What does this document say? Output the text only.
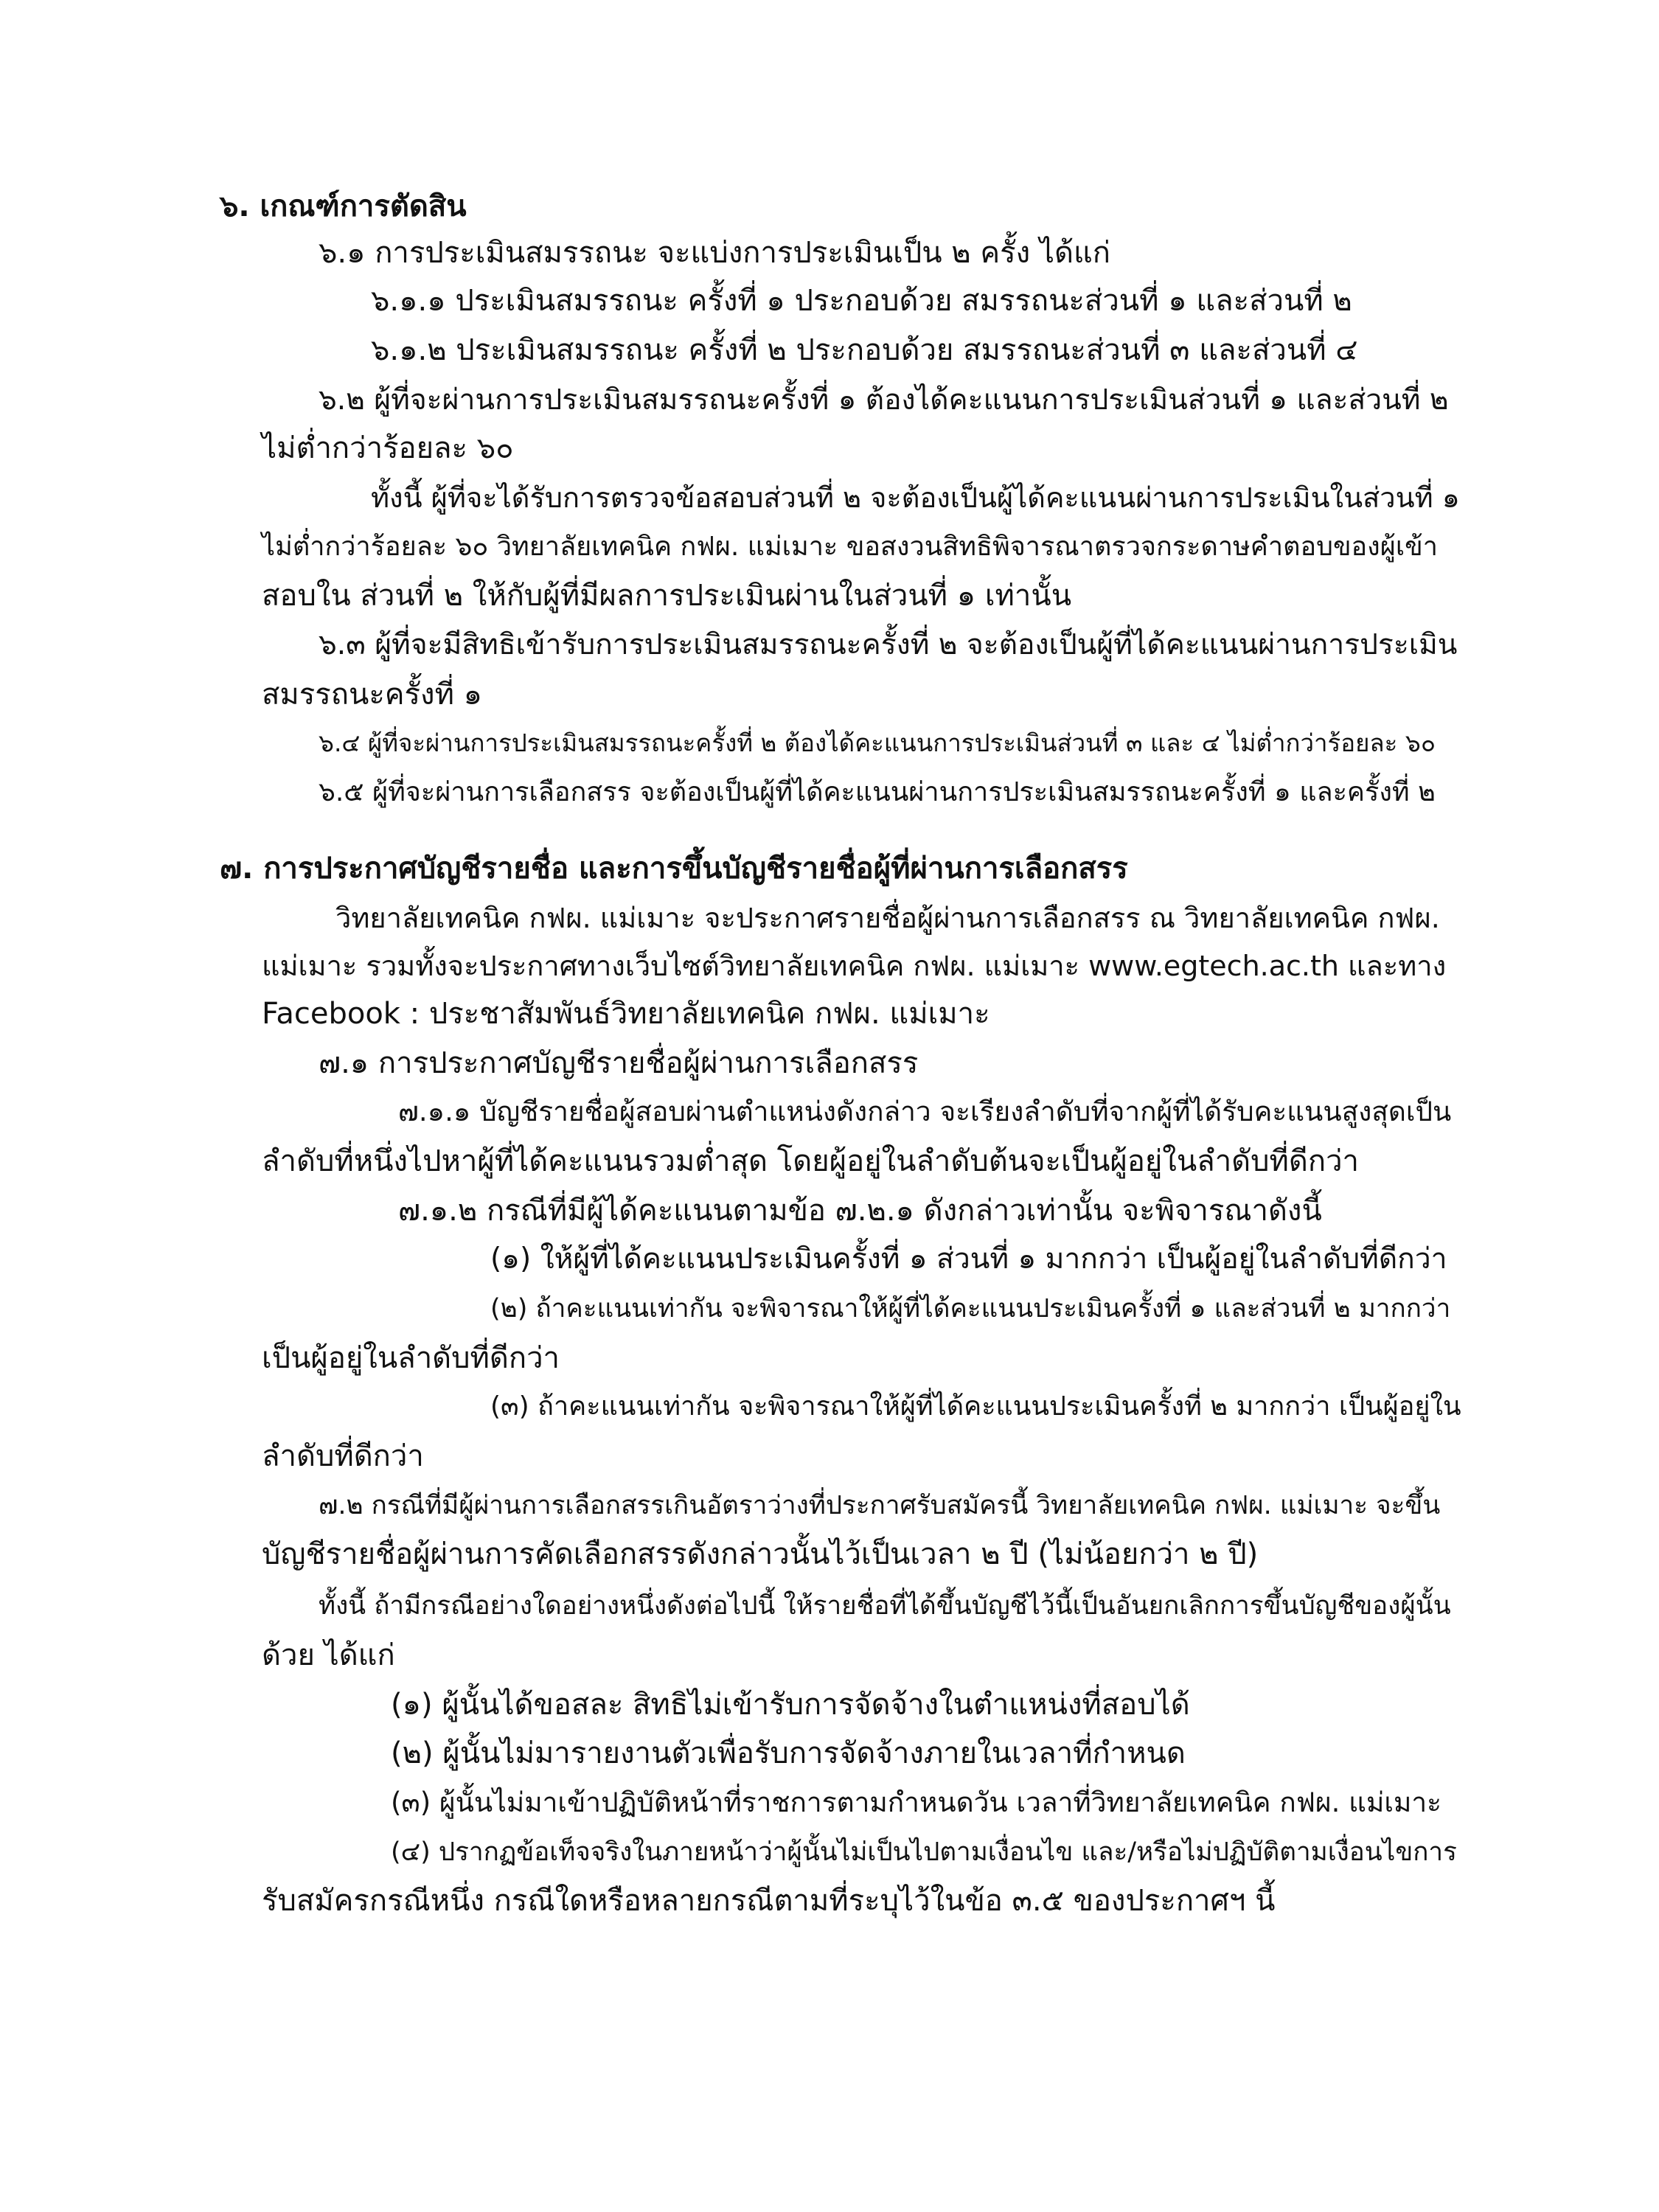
๖. เกณฑ์การตัดสิน

๖.๑ การประเมินสมรรถนะ จะแบ่งการประเมินเป็น ๒ ครั้ง ได้แก่

๖.๑.๑ ประเมินสมรรถนะ ครั้งที่ ๑ ประกอบด้วย สมรรถนะส่วนที่ ๑ และส่วนที่ ๒

๖.๑.๒ ประเมินสมรรถนะ ครั้งที่ ๒ ประกอบด้วย สมรรถนะส่วนที่ ๓ และส่วนที่ ๔

๖.๒ ผู้ที่จะผ่านการประเมินสมรรถนะครั้งที่ ๑ ต้องได้คะแนนการประเมินส่วนที่ ๑ และส่วนที่ ๒

ไม่ต่ำกว่าร้อยละ ๖๐

ทั้งนี้ ผู้ที่จะได้รับการตรวจข้อสอบส่วนที่ ๒ จะต้องเป็นผู้ได้คะแนนผ่านการประเมินในส่วนที่ ๑

ไม่ต่ำกว่าร้อยละ ๖๐ วิทยาลัยเทคนิค กฟผ. แม่เมาะ ขอสงวนสิทธิพิจารณาตรวจกระดาษคำตอบของผู้เข้า

สอบใน ส่วนที่ ๒ ให้กับผู้ที่มีผลการประเมินผ่านในส่วนที่ ๑ เท่านั้น

๖.๓ ผู้ที่จะมีสิทธิเข้ารับการประเมินสมรรถนะครั้งที่ ๒ จะต้องเป็นผู้ที่ได้คะแนนผ่านการประเมิน

สมรรถนะครั้งที่ ๑

๖.๔ ผู้ที่จะผ่านการประเมินสมรรถนะครั้งที่ ๒ ต้องได้คะแนนการประเมินส่วนที่ ๓ และ ๔ ไม่ต่ำกว่าร้อยละ ๖๐

๖.๕ ผู้ที่จะผ่านการเลือกสรร จะต้องเป็นผู้ที่ได้คะแนนผ่านการประเมินสมรรถนะครั้งที่ ๑ และครั้งที่ ๒

๗. การประกาศบัญชีรายชื่อ และการขึ้นบัญชีรายชื่อผู้ที่ผ่านการเลือกสรร

วิทยาลัยเทคนิค กฟผ. แม่เมาะ จะประกาศรายชื่อผู้ผ่านการเลือกสรร ณ วิทยาลัยเทคนิค กฟผ.

แม่เมาะ รวมทั้งจะประกาศทางเว็บไซต์วิทยาลัยเทคนิค กฟผ. แม่เมาะ www.egtech.ac.th และทาง

Facebook : ประชาสัมพันธ์วิทยาลัยเทคนิค กฟผ. แม่เมาะ

๗.๑ การประกาศบัญชีรายชื่อผู้ผ่านการเลือกสรร

๗.๑.๑ บัญชีรายชื่อผู้สอบผ่านตำแหน่งดังกล่าว จะเรียงลำดับที่จากผู้ที่ได้รับคะแนนสูงสุดเป็น

ลำดับที่หนึ่งไปหาผู้ที่ได้คะแนนรวมต่ำสุด โดยผู้อยู่ในลำดับต้นจะเป็นผู้อยู่ในลำดับที่ดีกว่า

๗.๑.๒ กรณีที่มีผู้ได้คะแนนตามข้อ ๗.๒.๑ ดังกล่าวเท่านั้น จะพิจารณาดังนี้

(๑) ให้ผู้ที่ได้คะแนนประเมินครั้งที่ ๑ ส่วนที่ ๑ มากกว่า เป็นผู้อยู่ในลำดับที่ดีกว่า

(๒) ถ้าคะแนนเท่ากัน จะพิจารณาให้ผู้ที่ได้คะแนนประเมินครั้งที่ ๑ และส่วนที่ ๒ มากกว่า

เป็นผู้อยู่ในลำดับที่ดีกว่า

(๓) ถ้าคะแนนเท่ากัน จะพิจารณาให้ผู้ที่ได้คะแนนประเมินครั้งที่ ๒ มากกว่า เป็นผู้อยู่ใน

ลำดับที่ดีกว่า

๗.๒ กรณีที่มีผู้ผ่านการเลือกสรรเกินอัตราว่างที่ประกาศรับสมัครนี้ วิทยาลัยเทคนิค กฟผ. แม่เมาะ จะขึ้น

บัญชีรายชื่อผู้ผ่านการคัดเลือกสรรดังกล่าวนั้นไว้เป็นเวลา ๒ ปี (ไม่น้อยกว่า ๒ ปี)

ทั้งนี้ ถ้ามีกรณีอย่างใดอย่างหนึ่งดังต่อไปนี้ ให้รายชื่อที่ได้ขึ้นบัญชีไว้นี้เป็นอันยกเลิกการขึ้นบัญชีของผู้นั้น

ด้วย ได้แก่

(๑) ผู้นั้นได้ขอสละ สิทธิไม่เข้ารับการจัดจ้างในตำแหน่งที่สอบได้

(๒) ผู้นั้นไม่มารายงานตัวเพื่อรับการจัดจ้างภายในเวลาที่กำหนด

(๓) ผู้นั้นไม่มาเข้าปฏิบัติหน้าที่ราชการตามกำหนดวัน เวลาที่วิทยาลัยเทคนิค กฟผ. แม่เมาะ

(๔) ปรากฏข้อเท็จจริงในภายหน้าว่าผู้นั้นไม่เป็นไปตามเงื่อนไข และ/หรือไม่ปฏิบัติตามเงื่อนไขการ

รับสมัครกรณีหนึ่ง กรณีใดหรือหลายกรณีตามที่ระบุไว้ในข้อ ๓.๕ ของประกาศฯ นี้
